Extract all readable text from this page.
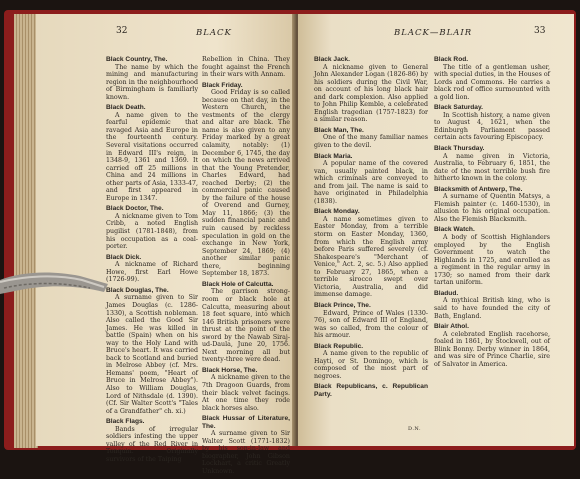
32	BLACK
Black Country, The.
The name by which the mining and manufacturing region in the neighbourhood of Birmingham is familiarly known.
Black Death.
A name given to the fearful epidemic that ravaged Asia and Europe in the fourteenth century. Several visitations occurred in Edward III's reign, in 1348-9, 1361 and 1369. It carried off 25 millions in China and 24 millions in other parts of Asia, 1333-47, and first appeared in Europe in 1347.
Black Doctor, The.
A nickname given to Tom Cribb, a noted English pugilist (1781-1848), from his occupation as a coal-porter.
Black Dick.
A nickname of Richard Howe, first Earl Howe (1726-99).
Black Douglas, The.
A surname given to Sir James Douglas (c. 1286-1330), a Scottish nobleman. Also called the Good Sir James. He was killed in battle (Spain) when on his way to the Holy Land with Bruce's heart. It was carried back to Scotland and buried in Melrose Abbey (cf. Mrs. Hemans' poem, "Heart of Bruce in Melrose Abbey"). Also to William Douglas, Lord of Nithsdale (d. 1390). (Cf. Sir Walter Scott's "Tales of a Grandfather" ch. xi.)
Black Flags.
Bands of irregular soldiers infesting the upper valley of the Red River in Tonquin. Originally survivors of the Taiping
Rebellion in China. They fought against the French in their wars with Annam.
Black Friday.
Good Friday is so called because on that day, in the Western Church, the vestments of the clergy and altar are black. The name is also given to any Friday marked by a great calamity, notably: (1) December 6, 1745, the day on which the news arrived that the Young Pretender, Charles Edward, had reached Derby; (2) the commercial panic caused by the failure of the house of Overend and Gurney, May 11, 1866; (3) the sudden financial panic and ruin caused by reckless speculation in gold on the exchange in New York, September 24, 1869; (4) another similar panic there, beginning September 18, 1873.
Black Hole of Calcutta.
The garrison strong-room or black hole at Calcutta, measuring about 18 feet square, into which 146 British prisoners were thrust at the point of the sword by the Nawab Siraj-ud-Daula, June 20, 1756. Next morning all but twenty-three were dead.
Black Horse, The.
A nickname given to the 7th Dragoon Guards, from their black velvet facings. At one time they rode black horses also.
Black Hussar of Literature, The.
A surname given to Sir Walter Scott (1771-1832) by his son-in-law and biographer, John Gibson Lockhart, a critic Greatly Unknown.
BLACK—BLAIR	33
Black Jack.
A nickname given to General John Alexander Logan (1826-86) by his soldiers during the Civil War, on account of his long black hair and dark complexion. Also applied to John Philip Kemble, a celebrated English tragedian (1757-1823) for a similar reason.
Black Man, The.
One of the many familiar names given to the devil.
Black Maria.
A popular name of the covered van, usually painted black, in which criminals are conveyed to and from jail. The name is said to have originated in Philadelphia (1838).
Black Monday.
A name sometimes given to Easter Monday, from a terrible storm on Easter Monday, 1360, from which the English army before Paris suffered severely (cf. Shakespeare's "Merchant of Venice," Act. 2, sc. 5.) Also applied to February 27, 1865, when a terrible sirocco swept over Victoria, Australia, and did immense damage.
Black Prince, The.
Edward, Prince of Wales (1330-76), son of Edward III of England, was so called, from the colour of his armour.
Black Republic.
A name given to the republic of Hayti, or St. Domingo, which is composed of the most part of negroes.
Black Republicans, c. Republican Party.
Black Rod.
The title of a gentleman usher, with special duties, in the Houses of Lords and Commons. He carries a black rod of office surmounted with a gold lion.
Black Saturday.
In Scottish history, a name given to August 4, 1621, when the Edinburgh Parliament passed certain acts favouring Episcopacy.
Black Thursday.
A name given in Victoria, Australia, to February 6, 1851, the date of the most terrible bush fire hitherto known in the colony.
Blacksmith of Antwerp, The.
A surname of Quentin Matsys, a Flemish painter (c. 1460-1530), in allusion to his original occupation. Also the Flemish Blacksmith.
Black Watch.
A body of Scottish Highlanders employed by the English Government to watch the Highlands in 1725, and enrolled as a regiment in the regular army in 1730; so named from their dark tartan uniform.
Bladud.
A mythical British king, who is said to have founded the city of Bath, England.
Blair Athol.
A celebrated English racehorse, foaled in 1861, by Stockwell, out of Blink Bonny. Derby winner in 1864, and was sire of Prince Charlie, sire of Salvator in America.
D.N.
